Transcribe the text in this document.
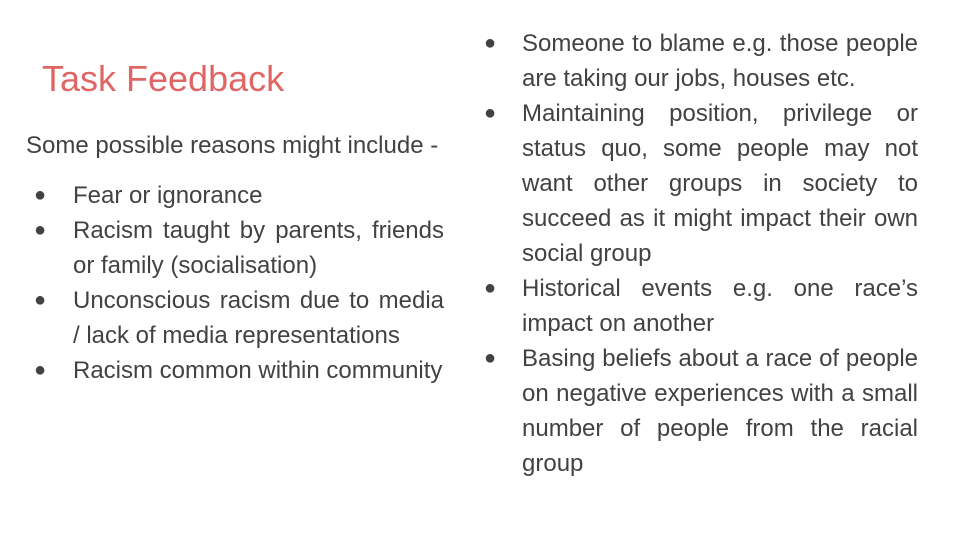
Task Feedback

Some possible reasons might include -

● Fear or ignorance
● Racism taught by parents, friends or family (socialisation)
● Unconscious racism due to media / lack of media representations
● Racism common within community
● Someone to blame e.g. those people are taking our jobs, houses etc.
● Maintaining position, privilege or status quo, some people may not want other groups in society to succeed as it might impact their own social group
● Historical events e.g. one race’s impact on another
● Basing beliefs about a race of people on negative experiences with a small number of people from the racial group
